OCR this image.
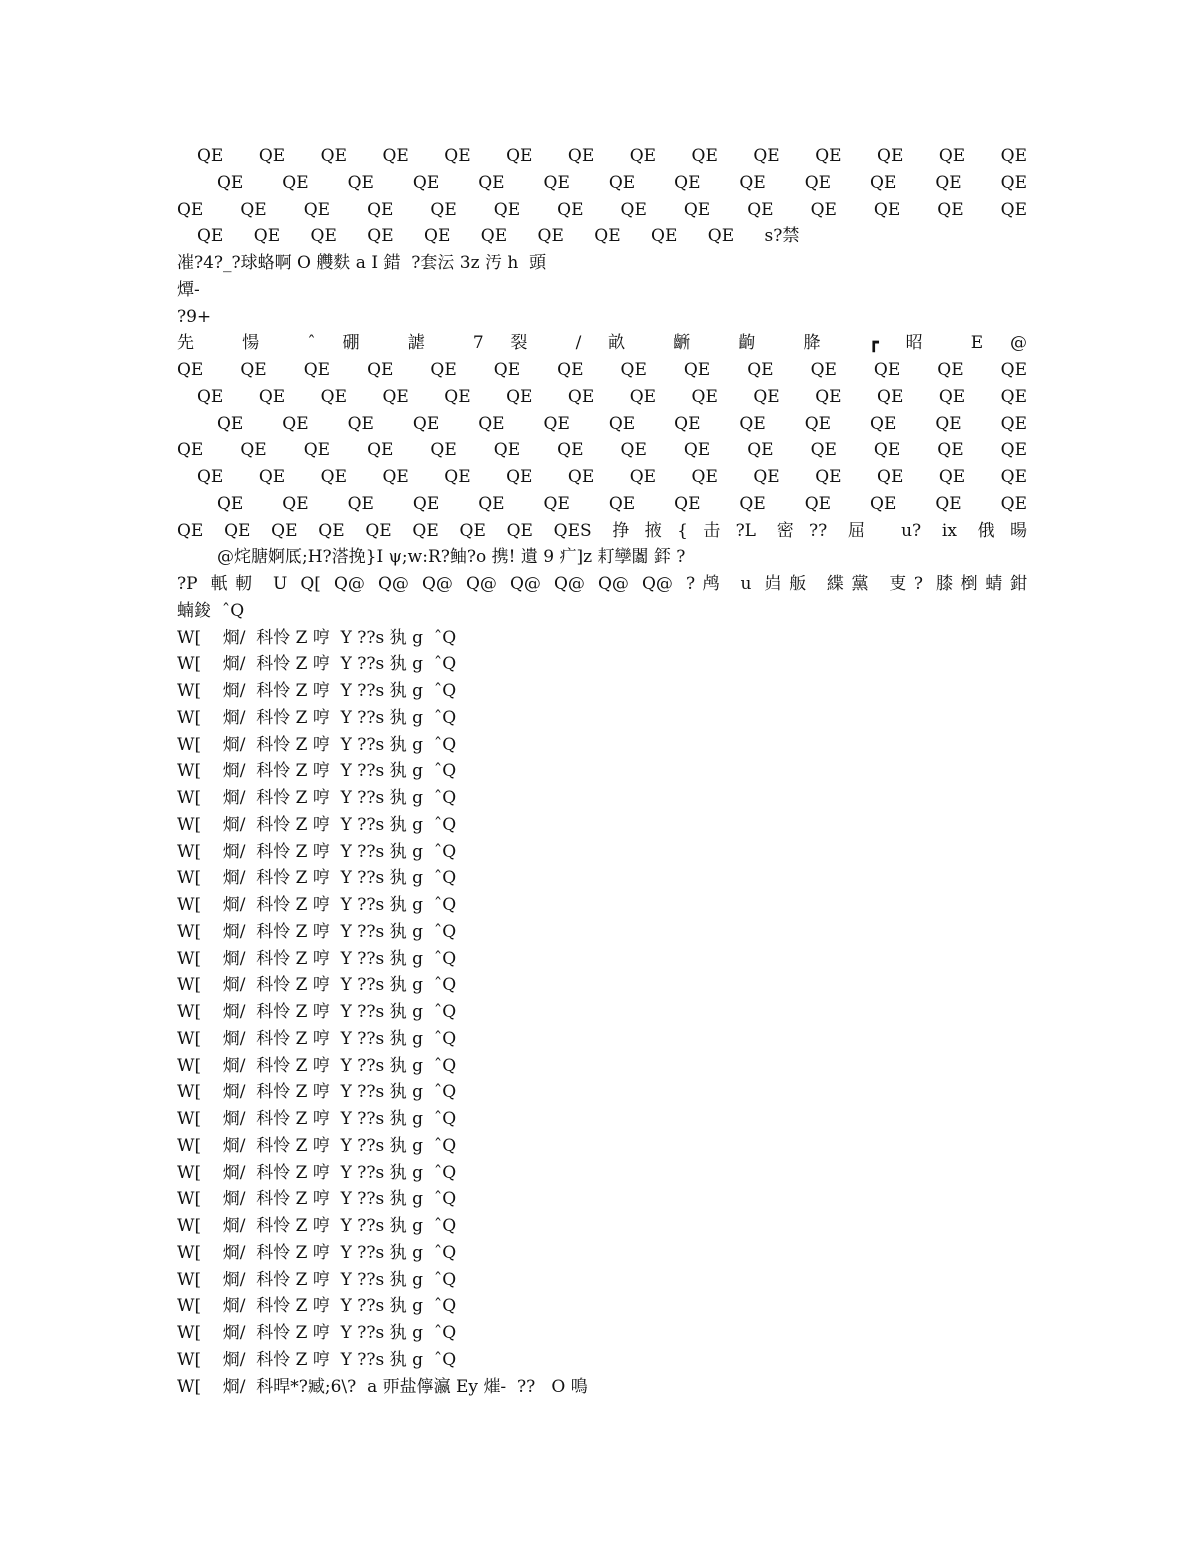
QE QE QE QE QE QE QE QE QE QE QE QE QE QE
QE QE QE QE QE QE QE QE QE QE QE QE QE
QE QE QE QE QE QE QE QE QE QE QE QE QE QE
QE QE QE QE QE QE QE QE QE QE s?禁
凗?4?_?球蛒啊 O 艭麩 a I 錯  ?套沄 3z 汚 h  頭
燂-
?9+
先 愓 ˆ 硼 謔 7 裂 / 畝 齭 齣 胮 ┏ 昭 E @
QE QE QE QE QE QE QE QE QE QE QE QE QE QE
QE QE QE QE QE QE QE QE QE QE QE QE QE QE
QE QE QE QE QE QE QE QE QE QE QE QE QE
QE QE QE QE QE QE QE QE QE QE QE QE QE QE
QE QE QE QE QE QE QE QE QE QE QE QE QE QE
QE QE QE QE QE QE QE QE QE QE QE QE QE
QE QE QE QE QE QE QE QE QES 挣掖{击?L 密?? 屈 u? ix 俄暘
@烢膅婀厎;H?溚挽}I ψ;w:R?鲉?o 携! 遺 9 疒]z 耓孿闟 銔 ?
?P 軝軔 U Q[ Q@ Q@ Q@ Q@ Q@ Q@ Q@ Q@ ?鸬 u 岿舨 緤黨 叓? 膝椡蜻鉗
蝻鋑  ˆQ
W[    烱/  科怜 Z 哼  Y ??s 犱 g  ˆQ
W[    烱/  科怜 Z 哼  Y ??s 犱 g  ˆQ
W[    烱/  科怜 Z 哼  Y ??s 犱 g  ˆQ
W[    烱/  科怜 Z 哼  Y ??s 犱 g  ˆQ
W[    烱/  科怜 Z 哼  Y ??s 犱 g  ˆQ
W[    烱/  科怜 Z 哼  Y ??s 犱 g  ˆQ
W[    烱/  科怜 Z 哼  Y ??s 犱 g  ˆQ
W[    烱/  科怜 Z 哼  Y ??s 犱 g  ˆQ
W[    烱/  科怜 Z 哼  Y ??s 犱 g  ˆQ
W[    烱/  科怜 Z 哼  Y ??s 犱 g  ˆQ
W[    烱/  科怜 Z 哼  Y ??s 犱 g  ˆQ
W[    烱/  科怜 Z 哼  Y ??s 犱 g  ˆQ
W[    烱/  科怜 Z 哼  Y ??s 犱 g  ˆQ
W[    烱/  科怜 Z 哼  Y ??s 犱 g  ˆQ
W[    烱/  科怜 Z 哼  Y ??s 犱 g  ˆQ
W[    烱/  科怜 Z 哼  Y ??s 犱 g  ˆQ
W[    烱/  科怜 Z 哼  Y ??s 犱 g  ˆQ
W[    烱/  科怜 Z 哼  Y ??s 犱 g  ˆQ
W[    烱/  科怜 Z 哼  Y ??s 犱 g  ˆQ
W[    烱/  科怜 Z 哼  Y ??s 犱 g  ˆQ
W[    烱/  科怜 Z 哼  Y ??s 犱 g  ˆQ
W[    烱/  科怜 Z 哼  Y ??s 犱 g  ˆQ
W[    烱/  科怜 Z 哼  Y ??s 犱 g  ˆQ
W[    烱/  科怜 Z 哼  Y ??s 犱 g  ˆQ
W[    烱/  科怜 Z 哼  Y ??s 犱 g  ˆQ
W[    烱/  科怜 Z 哼  Y ??s 犱 g  ˆQ
W[    烱/  科怜 Z 哼  Y ??s 犱 g  ˆQ
W[    烱/  科怜 Z 哼  Y ??s 犱 g  ˆQ
W[    烱/  科晘*?臧;6\?  a 丣盐儜瀛 Ey 熣-  ??   O 鳴
